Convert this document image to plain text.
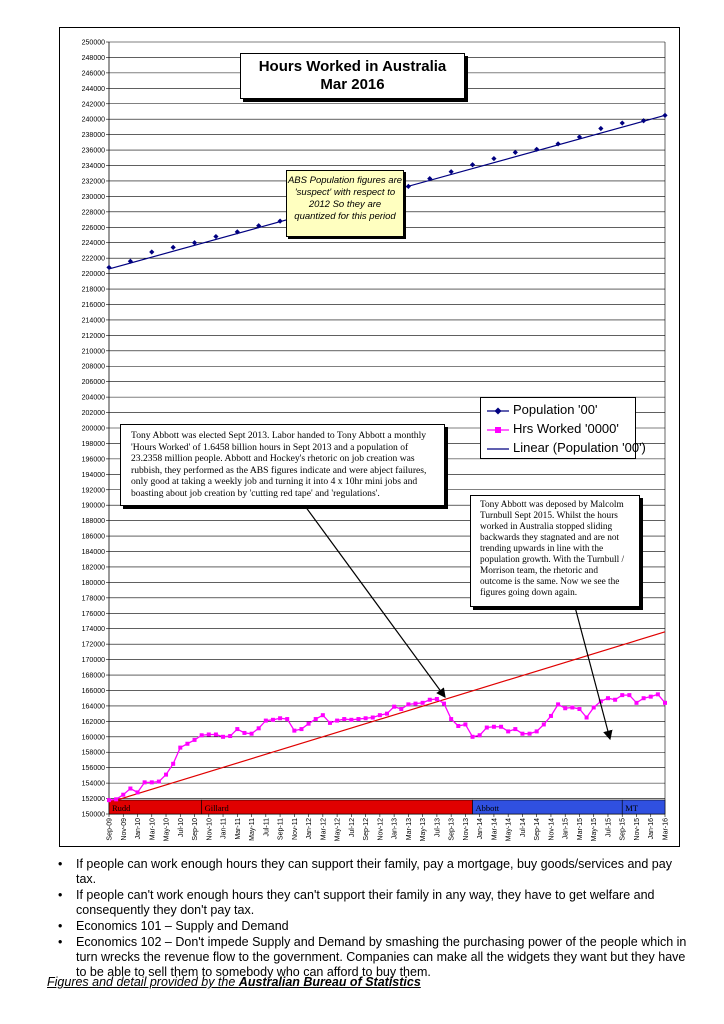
150000
152000
154000
156000
158000
160000
162000
164000
166000
168000
170000
172000
174000
176000
178000
180000
182000
184000
186000
188000
190000
192000
194000
196000
198000
200000
202000
204000
206000
208000
210000
212000
214000
216000
218000
220000
222000
224000
226000
228000
230000
232000
234000
236000
238000
240000
242000
244000
246000
248000
250000
Rudd	Gillard	Abbott	MT
Sep-09 Nov-09 Jan-10 Mar-10 May-10 Jul-10 Sep-10 Nov-10 Jan-11 Mar-11 May-11 Jul-11 Sep-11 Nov-11 Jan-12 Mar-12 May-12 Jul-12 Sep-12 Nov-12 Jan-13 Mar-13 May-13 Jul-13 Sep-13 Nov-13 Jan-14 Mar-14 May-14 Jul-14 Sep-14 Nov-14 Jan-15 Mar-15 May-15 Jul-15 Sep-15 Nov-15 Jan-16 Mar-16
Hours Worked in Australia
Mar 2016
ABS Population figures are 'suspect' with respect to 2012 So they are quantized for this period
Population '00'
Hrs Worked '0000'
Linear (Population '00')
Tony Abbott was elected Sept 2013. Labor handed to Tony Abbott a monthly 'Hours Worked' of 1.6458 billion hours in Sept 2013 and a population of 23.2358 million people. Abbott and Hockey's rhetoric on job creation was rubbish, they performed as the ABS figures indicate and were abject failures, only good at taking a weekly job and turning it into 4 x 10hr mini jobs and boasting about job creation by 'cutting red tape' and 'regulations'.
Tony Abbott was deposed by Malcolm Turnbull Sept 2015. Whilst the hours worked in Australia stopped sliding backwards they stagnated and are not trending upwards in line with the population growth. With the Turnbull / Morrison team, the rhetoric and outcome is the same. Now we see the figures going down again.
• If people can work enough hours they can support their family, pay a mortgage, buy goods/services and pay tax.
• If people can't work enough hours they can't support their family in any way, they have to get welfare and consequently they don't pay tax.
• Economics 101 – Supply and Demand
• Economics 102 – Don't impede Supply and Demand by smashing the purchasing power of the people which in turn wrecks the revenue flow to the government. Companies can make all the widgets they want but they have to be able to sell them to somebody who can afford to buy them.
Figures and detail provided by the Australian Bureau of Statistics
